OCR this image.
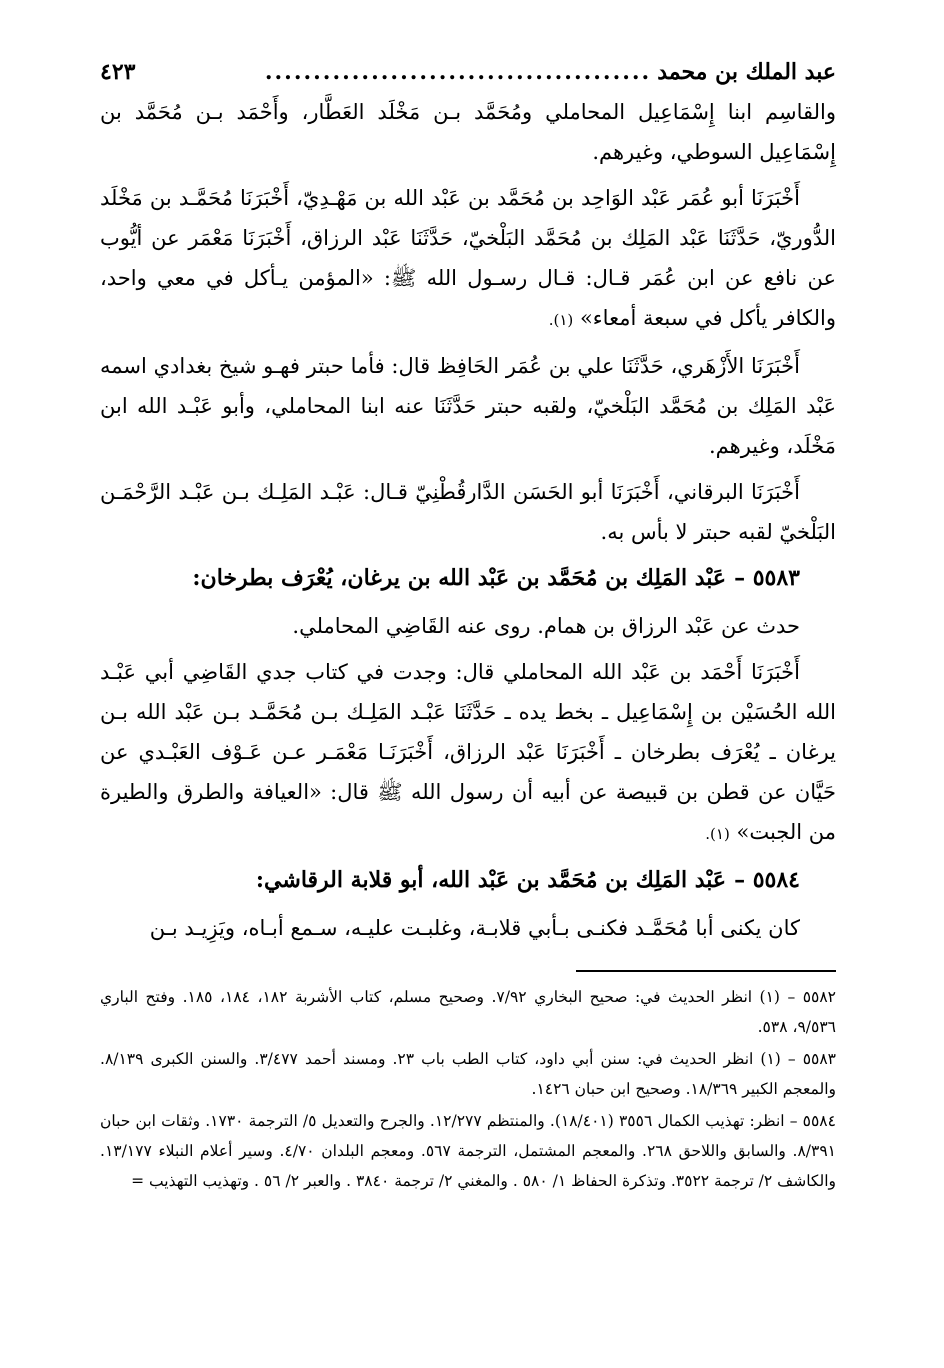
عبد الملك بن محمد
........................................
٤٢٣

والقاسِم ابنا إِسْمَاعِيل المحاملي ومُحَمَّد بـن مَخْلَد العَطَّار، وأَحْمَد بـن مُحَمَّد بن إِسْمَاعِيل السوطي، وغيرهم.

أَخْبَرَنَا أبو عُمَر عَبْد الوَاحِد بن مُحَمَّد بن عَبْد الله بن مَهْـدِيّ، أَخْبَرَنَا مُحَمَّـد بن مَخْلَد الدُّوريّ، حَدَّثَنَا عَبْد المَلِك بن مُحَمَّد البَلْخيّ، حَدَّثَنَا عَبْد الرزاق، أَخْبَرَنَا مَعْمَر عن أيُّوب عن نافع عن ابن عُمَر قـال: قـال رسـول الله ﷺ: «المؤمن يـأكل في معي واحد، والكافر يأكل في سبعة أمعاء» (١).

أَخْبَرَنَا الأَزْهَري، حَدَّثَنَا علي بن عُمَر الحَافِظ قال: فأما حبتر فهـو شيخ بغدادي اسمه عَبْد المَلِك بن مُحَمَّد البَلْخيّ، ولقبه حبتر حَدَّثَنَا عنه ابنا المحاملي، وأبو عَبْـد الله ابن مَخْلَد، وغيرهم.

أَخْبَرَنَا البرقاني، أَخْبَرَنَا أبو الحَسَن الدَّارقُطْنِيّ قـال: عَبْـد المَلِـك بـن عَبْـد الرَّحْمَـن البَلْخيّ لقبه حبتر لا بأس به.

٥٥٨٣ –عَبْد المَلِك بن مُحَمَّد بن عَبْد الله بن يرغان، يُعْرَف بطرخان:

حدث عن عَبْد الرزاق بن همام. روى عنه القَاضِي المحاملي.

أَخْبَرَنَا أَحْمَد بن عَبْد الله المحاملي قال: وجدت في كتاب جدي القَاضِي أبي عَبْـد الله الحُسَيْن بن إِسْمَاعِيل ـ بخط يده ـ حَدَّثَنَا عَبْـد المَلِـك بـن مُحَمَّـد بـن عَبْد الله بـن يرغان ـ يُعْرَف بطرخان ـ أَخْبَرَنَا عَبْد الرزاق، أَخْبَرَنَـا مَعْمَـر عـن عَـوْف العَبْـدي عن حَيَّان عن قطن بن قبيصة عن أبيه أن رسول الله ﷺ قال: «العيافة والطرق والطيرة من الجبت» (١).

٥٥٨٤ –عَبْد المَلِك بن مُحَمَّد بن عَبْد الله، أبو قلابة الرقاشي:

كان يكنى أبا مُحَمَّـد فكنـى بـأبي قلابـة، وغلبـت عليـه، سـمع أبـاه، ويَزِيـد بـن

٥٥٨٢ – (١) انظر الحديث في: صحيح البخاري ٧/٩٢. وصحيح مسلم، كتاب الأشربة ١٨٢، ١٨٤، ١٨٥. وفتح الباري ٩/٥٣٦، ٥٣٨.

٥٥٨٣ – (١) انظر الحديث في: سنن أبي داود، كتاب الطب باب ٢٣. ومسند أحمد ٣/٤٧٧. والسنن الكبرى ٨/١٣٩. والمعجم الكبير ١٨/٣٦٩. وصحيح ابن حبان ١٤٢٦.

٥٥٨٤ – انظر: تهذيب الكمال ٣٥٥٦ (١٨/٤٠١). والمنتظم ١٢/٢٧٧. والجرح والتعديل ٥/ الترجمة ١٧٣٠. وثقات ابن حبان ٨/٣٩١. والسابق واللاحق ٢٦٨. والمعجم المشتمل، الترجمة ٥٦٧. ومعجم البلدان ٤/٧٠. وسير أعلام النبلاء ١٣/١٧٧. والكاشف ٢/ ترجمة ٣٥٢٢. وتذكرة الحفاظ ١/ ٥٨٠ . والمغني ٢/ ترجمة ٣٨٤٠ . والعبر ٢/ ٥٦ . وتهذيب التهذيب =
